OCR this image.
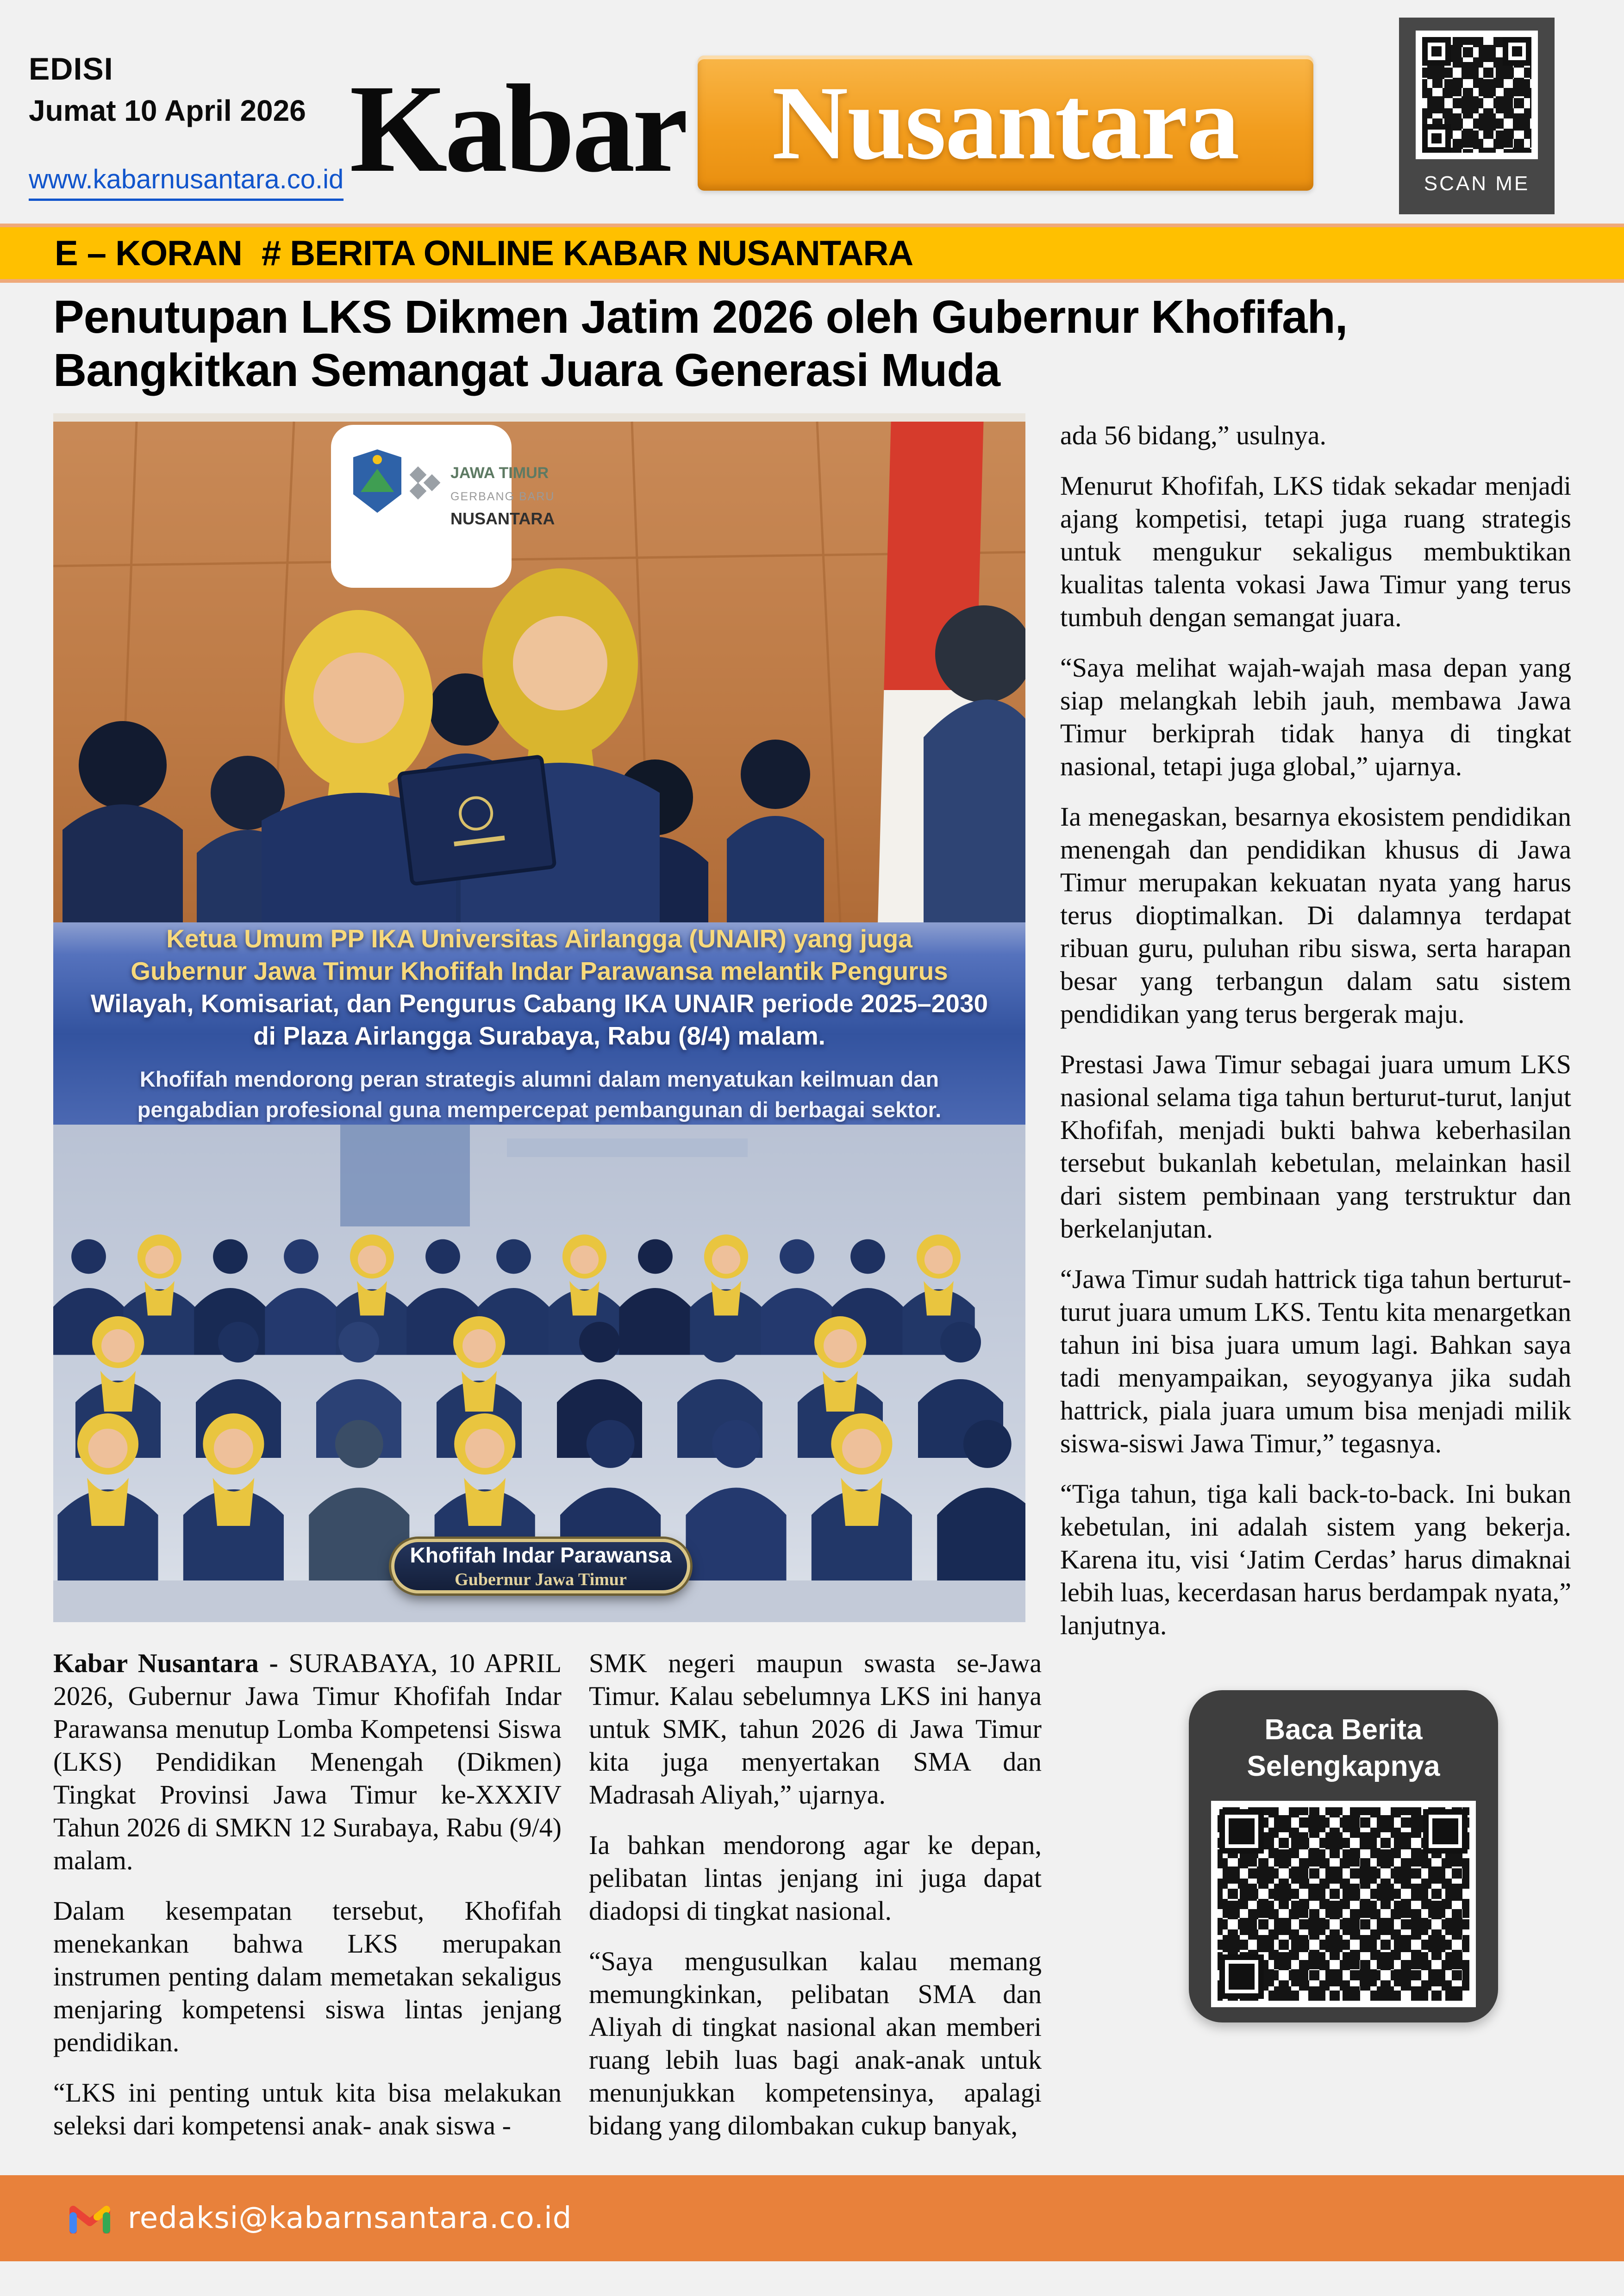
EDISI
Jumat 10 April 2026

www.kabarnusantara.co.id Kabar Nusantara
SCAN ME
E – KORAN # BERITA ONLINE KABAR NUSANTARA
Penutupan LKS Dikmen Jatim 2026 oleh Gubernur Khofifah,
Bangkitkan Semangat Juara Generasi Muda
JAWA TIMUR
GERBANG BARU
NUSANTARA
Ketua Umum PP IKA Universitas Airlangga (UNAIR) yang juga
Gubernur Jawa Timur Khofifah Indar Parawansa melantik Pengurus
Wilayah, Komisariat, dan Pengurus Cabang IKA UNAIR periode 2025–2030
di Plaza Airlangga Surabaya, Rabu (8/4) malam.
Khofifah mendorong peran strategis alumni dalam menyatukan keilmuan dan pengabdian profesional guna mempercepat pembangunan di berbagai sektor.
Khofifah Indar Parawansa
Gubernur Jawa Timur

ada 56 bidang,” usulnya.

Menurut Khofifah, LKS tidak sekadar menjadi ajang kompetisi, tetapi juga ruang strategis untuk mengukur sekaligus membuktikan kualitas talenta vokasi Jawa Timur yang terus tumbuh dengan semangat juara.

“Saya melihat wajah-wajah masa depan yang siap melangkah lebih jauh, membawa Jawa Timur berkiprah tidak hanya di tingkat nasional, tetapi juga global,” ujarnya.

Ia menegaskan, besarnya ekosistem pendidikan menengah dan pendidikan khusus di Jawa Timur merupakan kekuatan nyata yang harus terus dioptimalkan. Di dalamnya terdapat ribuan guru, puluhan ribu siswa, serta harapan besar yang terbangun dalam satu sistem pendidikan yang terus bergerak maju.

Prestasi Jawa Timur sebagai juara umum LKS nasional selama tiga tahun berturut-turut, lanjut Khofifah, menjadi bukti bahwa keberhasilan tersebut bukanlah kebetulan, melainkan hasil dari sistem pembinaan yang terstruktur dan berkelanjutan.

“Jawa Timur sudah hattrick tiga tahun berturut-turut juara umum LKS. Tentu kita menargetkan tahun ini bisa juara umum lagi. Bahkan saya tadi menyampaikan, seyogyanya jika sudah hattrick, piala juara umum bisa menjadi milik siswa-siswi Jawa Timur,” tegasnya.

“Tiga tahun, tiga kali back-to-back. Ini bukan kebetulan, ini adalah sistem yang bekerja. Karena itu, visi ‘Jatim Cerdas’ harus dimaknai lebih luas, kecerdasan harus berdampak nyata,” lanjutnya.

Kabar Nusantara - SURABAYA, 10 APRIL 2026, Gubernur Jawa Timur Khofifah Indar Parawansa menutup Lomba Kompetensi Siswa (LKS) Pendidikan Menengah (Dikmen) Tingkat Provinsi Jawa Timur ke-XXXIV Tahun 2026 di SMKN 12 Surabaya, Rabu (9/4) malam.

Dalam kesempatan tersebut, Khofifah menekankan bahwa LKS merupakan instrumen penting dalam memetakan sekaligus menjaring kompetensi siswa lintas jenjang pendidikan.

“LKS ini penting untuk kita bisa melakukan seleksi dari kompetensi anak- anak siswa -

SMK negeri maupun swasta se-Jawa Timur. Kalau sebelumnya LKS ini hanya untuk SMK, tahun 2026 di Jawa Timur kita juga menyertakan SMA dan Madrasah Aliyah,” ujarnya.

Ia bahkan mendorong agar ke depan, pelibatan lintas jenjang ini juga dapat diadopsi di tingkat nasional.

“Saya mengusulkan kalau memang memungkinkan, pelibatan SMA dan Aliyah di tingkat nasional akan memberi ruang lebih luas bagi anak-anak untuk menunjukkan kompetensinya, apalagi bidang yang dilombakan cukup banyak,

Baca Berita
Selengkapnya
redaksi@kabarnsantara.co.id
